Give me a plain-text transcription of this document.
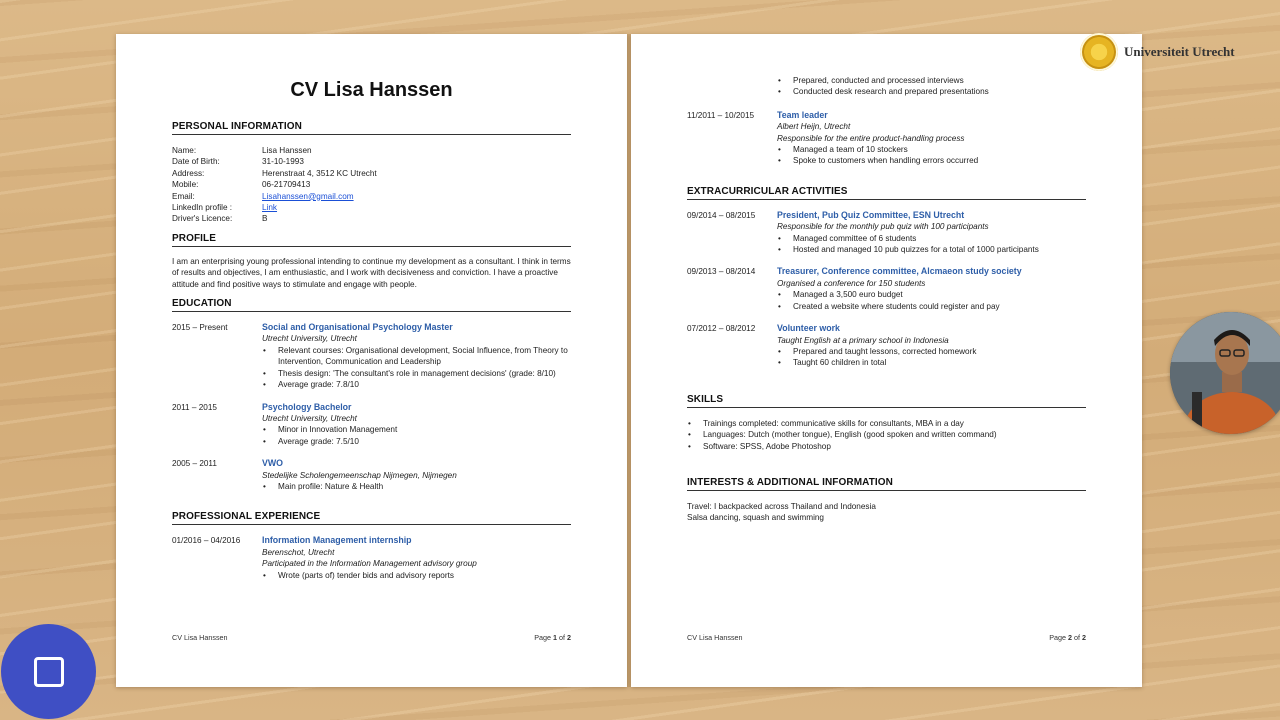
CV Lisa Hanssen
PERSONAL INFORMATION
Name:	Lisa Hanssen
Date of Birth:	31-10-1993
Address:	Herenstraat 4, 3512 KC Utrecht
Mobile:	06-21709413
Email:	Lisahanssen@gmail.com
LinkedIn profile :	Link
Driver's Licence:	B
PROFILE
I am an enterprising young professional intending to continue my development as a consultant. I think in terms of results and objectives, I am enthusiastic, and I work with decisiveness and conviction. I have a proactive attitude and find positive ways to stimulate and engage with people.
EDUCATION
2015 – Present	Social and Organisational Psychology Master
Utrecht University, Utrecht
• Relevant courses: Organisational development, Social Influence, from Theory to Intervention, Communication and Leadership
• Thesis design: 'The consultant's role in management decisions' (grade: 8/10)
• Average grade: 7.8/10
2011 – 2015	Psychology Bachelor
Utrecht University, Utrecht
• Minor in Innovation Management
• Average grade: 7.5/10
2005 – 2011	VWO
Stedelijke Scholengemeenschap Nijmegen, Nijmegen
• Main profile: Nature & Health
PROFESSIONAL EXPERIENCE
01/2016 – 04/2016	Information Management internship
Berenschot, Utrecht
Participated in the Information Management advisory group
• Wrote (parts of) tender bids and advisory reports
CV Lisa Hanssen	Page 1 of 2
• Prepared, conducted and processed interviews
• Conducted desk research and prepared presentations
11/2011 – 10/2015	Team leader
Albert Heijn, Utrecht
Responsible for the entire product-handling process
• Managed a team of 10 stockers
• Spoke to customers when handling errors occurred
EXTRACURRICULAR ACTIVITIES
09/2014 – 08/2015	President, Pub Quiz Committee, ESN Utrecht
Responsible for the monthly pub quiz with 100 participants
• Managed committee of 6 students
• Hosted and managed 10 pub quizzes for a total of 1000 participants
09/2013 – 08/2014	Treasurer, Conference committee, Alcmaeon study society
Organised a conference for 150 students
• Managed a 3,500 euro budget
• Created a website where students could register and pay
07/2012 – 08/2012	Volunteer work
Taught English at a primary school in Indonesia
• Prepared and taught lessons, corrected homework
• Taught 60 children in total
SKILLS
• Trainings completed: communicative skills for consultants, MBA in a day
• Languages: Dutch (mother tongue), English (good spoken and written command)
• Software: SPSS, Adobe Photoshop
INTERESTS & ADDITIONAL INFORMATION
Travel: I backpacked across Thailand and Indonesia
Salsa dancing, squash and swimming
CV Lisa Hanssen	Page 2 of 2
Universiteit Utrecht
